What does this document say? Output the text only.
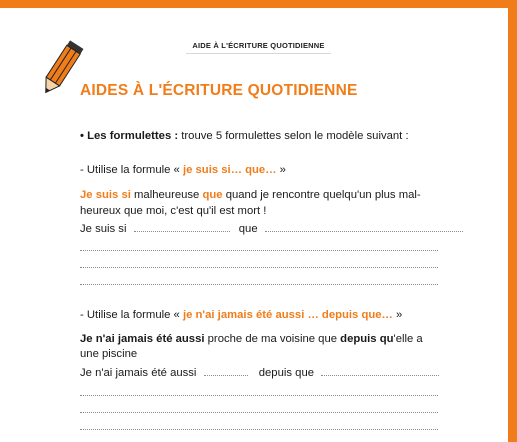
AIDE À L'ÉCRITURE QUOTIDIENNE
AIDES À L'ÉCRITURE QUOTIDIENNE
• Les formulettes : trouve 5 formulettes selon le modèle suivant :
- Utilise la formule « je suis si… que… »
Je suis si malheureuse que quand je rencontre quelqu'un plus mal-
heureux que moi, c'est qu'il est mort !
Je suis si	que
- Utilise la formule « je n'ai jamais été aussi … depuis que… »
Je n'ai jamais été aussi proche de ma voisine que depuis qu'elle a
une piscine
Je n'ai jamais été aussi	depuis que
